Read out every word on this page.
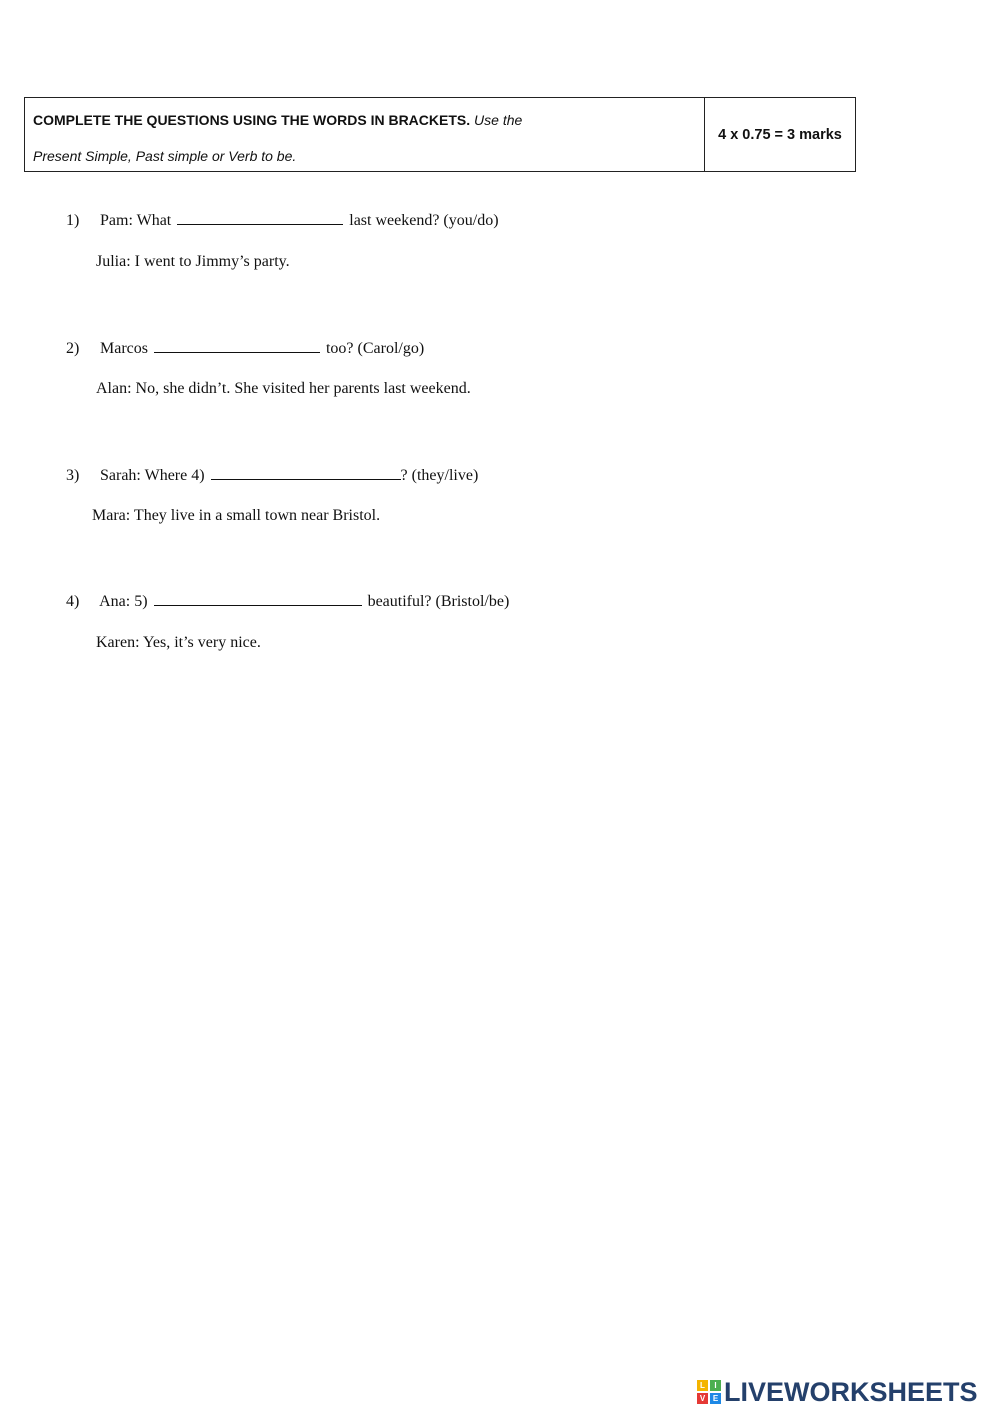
COMPLETE THE QUESTIONS USING THE WORDS IN BRACKETS. Use the
Present Simple, Past simple or Verb to be.
4 x 0.75 = 3 marks
1) Pam: What	last weekend? (you/do)
Julia: I went to Jimmy’s party.
2) Marcos	too? (Carol/go)
Alan: No, she didn’t. She visited her parents last weekend.
3) Sarah: Where 4)	? (they/live)
Mara: They live in a small town near Bristol.
4) Ana: 5)	beautiful? (Bristol/be)
Karen: Yes, it’s very nice.
L	I
V E LIVEWORKSHEETS
